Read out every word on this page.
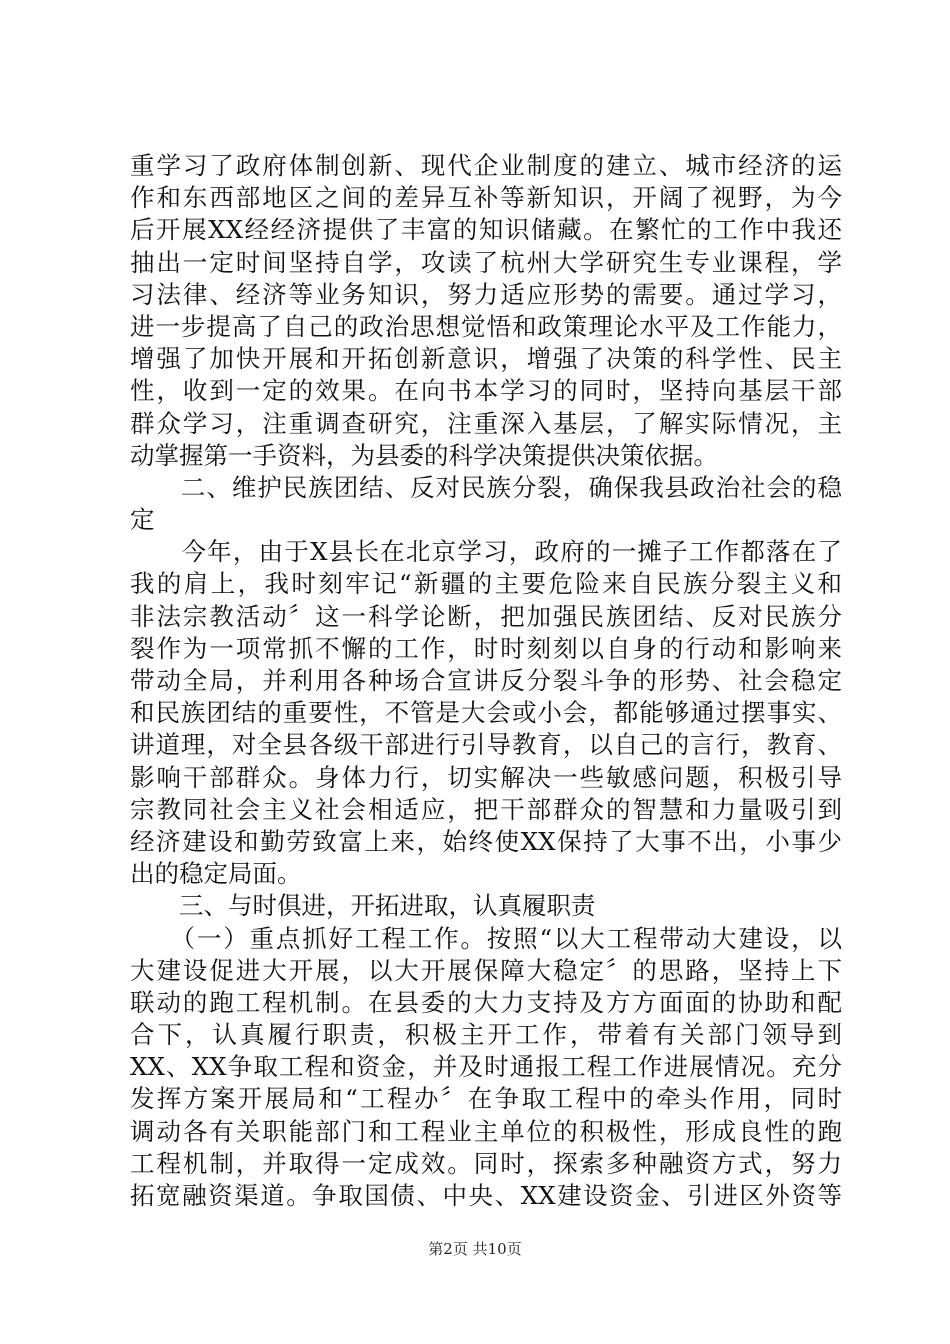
重学习了政府体制创新、现代企业制度的建立、城市经济的运
作和东西部地区之间的差异互补等新知识，开阔了视野，为今
后开展XX经经济提供了丰富的知识储藏。在繁忙的工作中我还
抽出一定时间坚持自学，攻读了杭州大学研究生专业课程，学
习法律、经济等业务知识，努力适应形势的需要。通过学习，
进一步提高了自己的政治思想觉悟和政策理论水平及工作能力，
增强了加快开展和开拓创新意识，增强了决策的科学性、民主
性，收到一定的效果。在向书本学习的同时，坚持向基层干部
群众学习，注重调查研究，注重深入基层，了解实际情况，主
动掌握第一手资料，为县委的科学决策提供决策依据。
　　二、维护民族团结、反对民族分裂，确保我县政治社会的稳
定
　　今年，由于X县长在北京学习，政府的一摊子工作都落在了
我的肩上，我时刻牢记“新疆的主要危险来自民族分裂主义和
非法宗教活动〞这一科学论断，把加强民族团结、反对民族分
裂作为一项常抓不懈的工作，时时刻刻以自身的行动和影响来
带动全局，并利用各种场合宣讲反分裂斗争的形势、社会稳定
和民族团结的重要性，不管是大会或小会，都能够通过摆事实、
讲道理，对全县各级干部进行引导教育，以自己的言行，教育、
影响干部群众。身体力行，切实解决一些敏感问题，积极引导
宗教同社会主义社会相适应，把干部群众的智慧和力量吸引到
经济建设和勤劳致富上来，始终使XX保持了大事不出，小事少
出的稳定局面。
　　三、与时俱进，开拓进取，认真履职责
　　（一）重点抓好工程工作。按照“以大工程带动大建设，以
大建设促进大开展，以大开展保障大稳定〞的思路，坚持上下
联动的跑工程机制。在县委的大力支持及方方面面的协助和配
合下，认真履行职责，积极主开工作，带着有关部门领导到
XX、XX争取工程和资金，并及时通报工程工作进展情况。充分
发挥方案开展局和“工程办〞在争取工程中的牵头作用，同时
调动各有关职能部门和工程业主单位的积极性，形成良性的跑
工程机制，并取得一定成效。同时，探索多种融资方式，努力
拓宽融资渠道。争取国债、中央、XX建设资金、引进区外资等
第2页 共10页
